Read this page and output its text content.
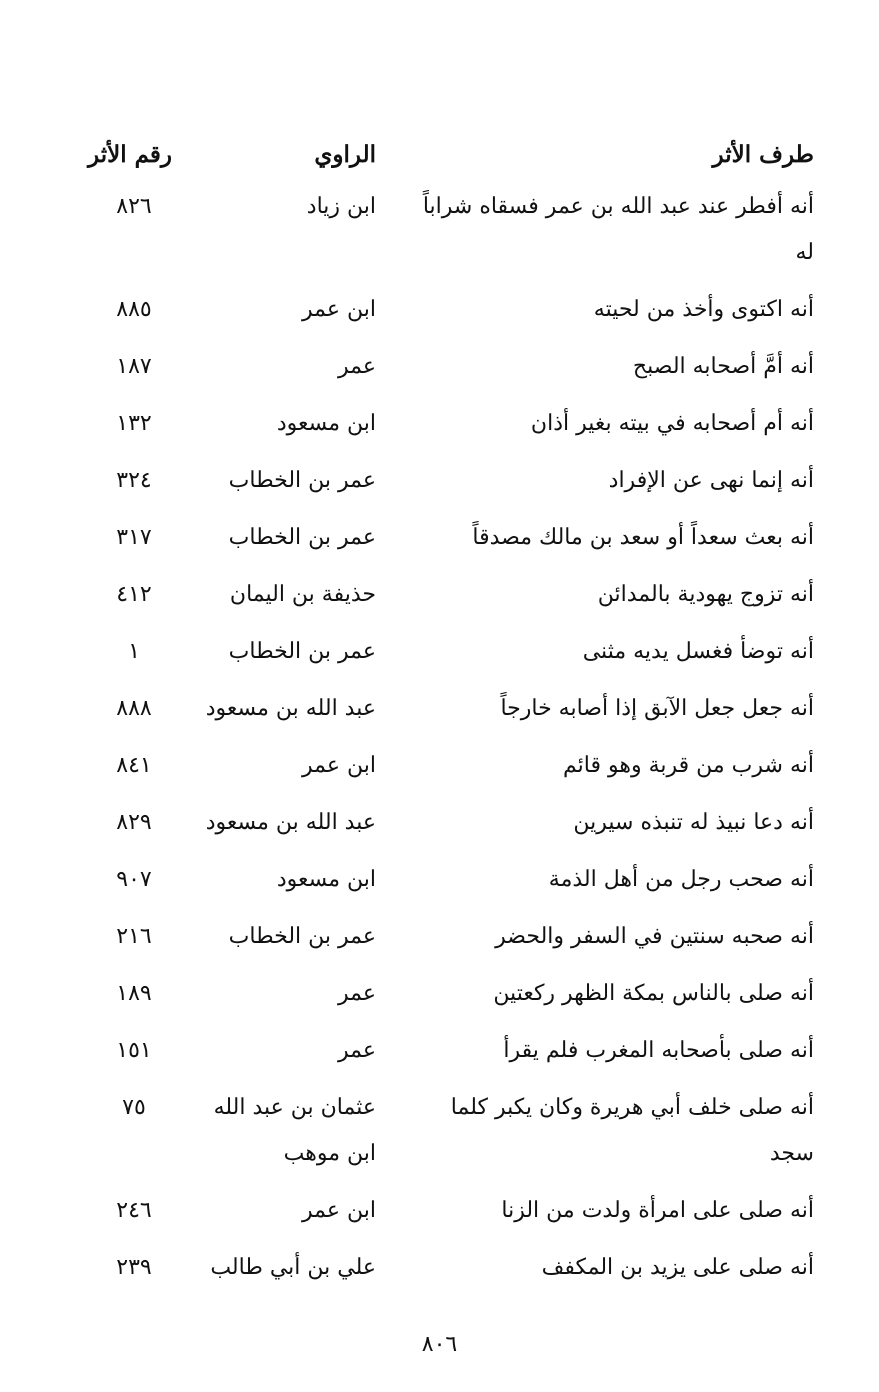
طرف الأثر
الراوي
رقم الأثر
أنه أفطر عند عبد الله بن عمر فسقاه شراباً له
ابن زياد
٨٢٦
أنه اكتوى وأخذ من لحيته
ابن عمر
٨٨٥
أنه أمَّ أصحابه الصبح
عمر
١٨٧
أنه أم أصحابه في بيته بغير أذان
ابن مسعود
١٣٢
أنه إنما نهى عن الإفراد
عمر بن الخطاب
٣٢٤
أنه بعث سعداً أو سعد بن مالك مصدقاً
عمر بن الخطاب
٣١٧
أنه تزوج يهودية بالمدائن
حذيفة بن اليمان
٤١٢
أنه توضأ فغسل يديه مثنى
عمر بن الخطاب
١
أنه جعل جعل الآبق إذا أصابه خارجاً
عبد الله بن مسعود
٨٨٨
أنه شرب من قربة وهو قائم
ابن عمر
٨٤١
أنه دعا نبيذ له تنبذه سيرين
عبد الله بن مسعود
٨٢٩
أنه صحب رجل من أهل الذمة
ابن مسعود
٩٠٧
أنه صحبه سنتين في السفر والحضر
عمر بن الخطاب
٢١٦
أنه صلى بالناس بمكة الظهر ركعتين
عمر
١٨٩
أنه صلى بأصحابه المغرب فلم يقرأ
عمر
١٥١
أنه صلى خلف أبي هريرة وكان يكبر كلما سجد
عثمان بن عبد الله ابن موهب
٧٥
أنه صلى على امرأة ولدت من الزنا
ابن عمر
٢٤٦
أنه صلى على يزيد بن المكفف
علي بن أبي طالب
٢٣٩
٨٠٦
